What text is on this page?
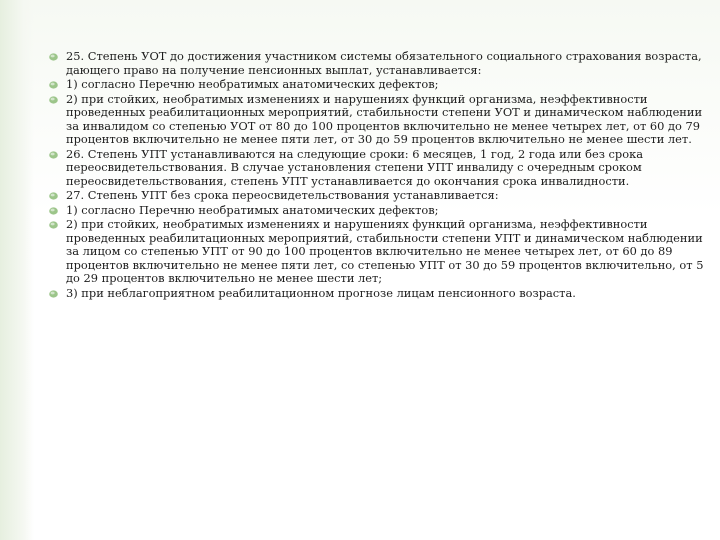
25. Степень УОТ до достижения участником системы обязательного социального страхования возраста, дающего право на получение пенсионных выплат, устанавливается:
1) согласно Перечню необратимых анатомических дефектов;
2) при стойких, необратимых изменениях и нарушениях функций организма, неэффективности проведенных реабилитационных мероприятий, стабильности степени УОТ и динамическом наблюдении за инвалидом со степенью УОТ от 80 до 100 процентов включительно не менее четырех лет, от 60 до 79 процентов включительно не менее пяти лет, от 30 до 59 процентов включительно не менее шести лет.
26. Степень УПТ устанавливаются на следующие сроки: 6 месяцев, 1 год, 2 года или без срока переосвидетельствования. В случае установления степени УПТ инвалиду с очередным сроком переосвидетельствования, степень УПТ устанавливается до окончания срока инвалидности.
27. Степень УПТ без срока переосвидетельствования устанавливается:
1) согласно Перечню необратимых анатомических дефектов;
2) при стойких, необратимых изменениях и нарушениях функций организма, неэффективности проведенных реабилитационных мероприятий, стабильности степени УПТ и динамическом наблюдении за лицом со степенью УПТ от 90 до 100 процентов включительно не менее четырех лет, от 60 до 89 процентов включительно не менее пяти лет, со степенью УПТ от 30 до 59 процентов включительно, от 5 до 29 процентов включительно не менее шести лет;
3) при неблагоприятном реабилитационном прогнозе лицам пенсионного возраста.
